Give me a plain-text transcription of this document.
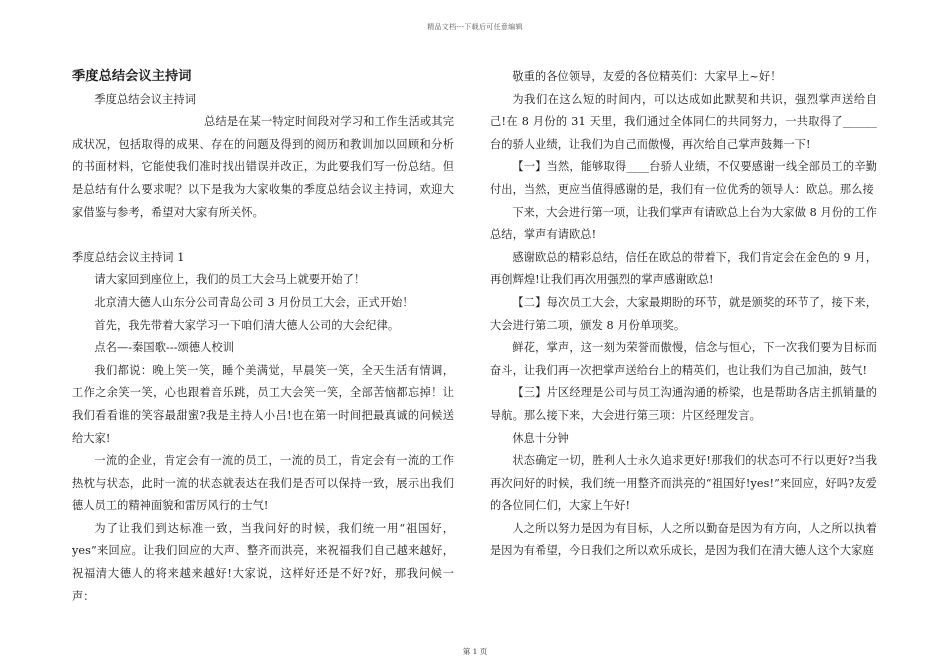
精品文档---下载后可任意编辑

季度总结会议主持词

季度总结会议主持词

总结是在某一特定时间段对学习和工作生活或其完成状况，包括取得的成果、存在的问题及得到的阅历和教训加以回顾和分析的书面材料，它能使我们准时找出错误并改正，为此要我们写一份总结。但是总结有什么要求呢？以下是我为大家收集的季度总结会议主持词，欢迎大家借鉴与参考，希望对大家有所关怀。

季度总结会议主持词 1

请大家回到座位上，我们的员工大会马上就要开始了！

北京清大德人山东分公司青岛公司 3 月份员工大会，正式开始！

首先，我先带着大家学习一下咱们清大德人公司的大会纪律。

点名—-秦国歌---颂德人校训

我们都说：晚上笑一笑，睡个美满觉，早晨笑一笑，全天生活有情调，工作之余笑一笑，心也跟着音乐跳，员工大会笑一笑，全部苦恼都忘掉！让我们看看谁的笑容最甜蜜?我是主持人小吕!也在第一时间把最真诚的问候送给大家!

一流的企业，肯定会有一流的员工，一流的员工，肯定会有一流的工作热枕与状态，此时一流的状态就表达在我们是否可以保持一致，展示出我们德人员工的精神面貌和雷厉风行的士气!

为了让我们到达标准一致，当我问好的时候，我们统一用“祖国好，yes”来回应。让我们回应的大声、整齐而洪亮，来祝福我们自己越来越好，祝福清大德人的将来越来越好!大家说，这样好还是不好?好，那我问候一声：

敬重的各位领导，友爱的各位精英们：大家早上~好！

为我们在这么短的时间内，可以达成如此默契和共识，强烈掌声送给自己!在 8 月份的 31 天里，我们通过全体同仁的共同努力，一共取得了______台的骄人业绩，让我们为自己而傲慢，再次给自己掌声鼓舞一下!

【一】当然，能够取得____台骄人业绩，不仅要感谢一线全部员工的辛勤付出，当然，更应当值得感谢的是，我们有一位优秀的领导人：欧总。那么接

下来，大会进行第一项，让我们掌声有请欧总上台为大家做 8 月份的工作总结，掌声有请欧总!

感谢欧总的精彩总结，信任在欧总的带着下，我们肯定会在金色的 9 月，再创辉煌!让我们再次用强烈的掌声感谢欧总!

【二】每次员工大会，大家最期盼的环节，就是颁奖的环节了，接下来，大会进行第二项，颁发 8 月份单项奖。

鲜花，掌声，这一刻为荣誉而傲慢，信念与恒心，下一次我们要为目标而奋斗，让我们再一次把掌声送给台上的精英们，也让我们为自己加油，鼓气!

【三】片区经理是公司与员工沟通沟通的桥梁，也是帮助各店主抓销量的导航。那么接下来，大会进行第三项：片区经理发言。

休息十分钟

状态确定一切，胜利人士永久追求更好!那我们的状态可不行以更好?当我再次问好的时候，我们统一用整齐而洪亮的“祖国好!yes!”来回应，好吗?友爱的各位同仁们，大家上午好!

人之所以努力是因为有目标，人之所以勤奋是因为有方向，人之所以执着是因为有希望，今日我们之所以欢乐成长，是因为我们在清大德人这个大家庭

第 1 页
